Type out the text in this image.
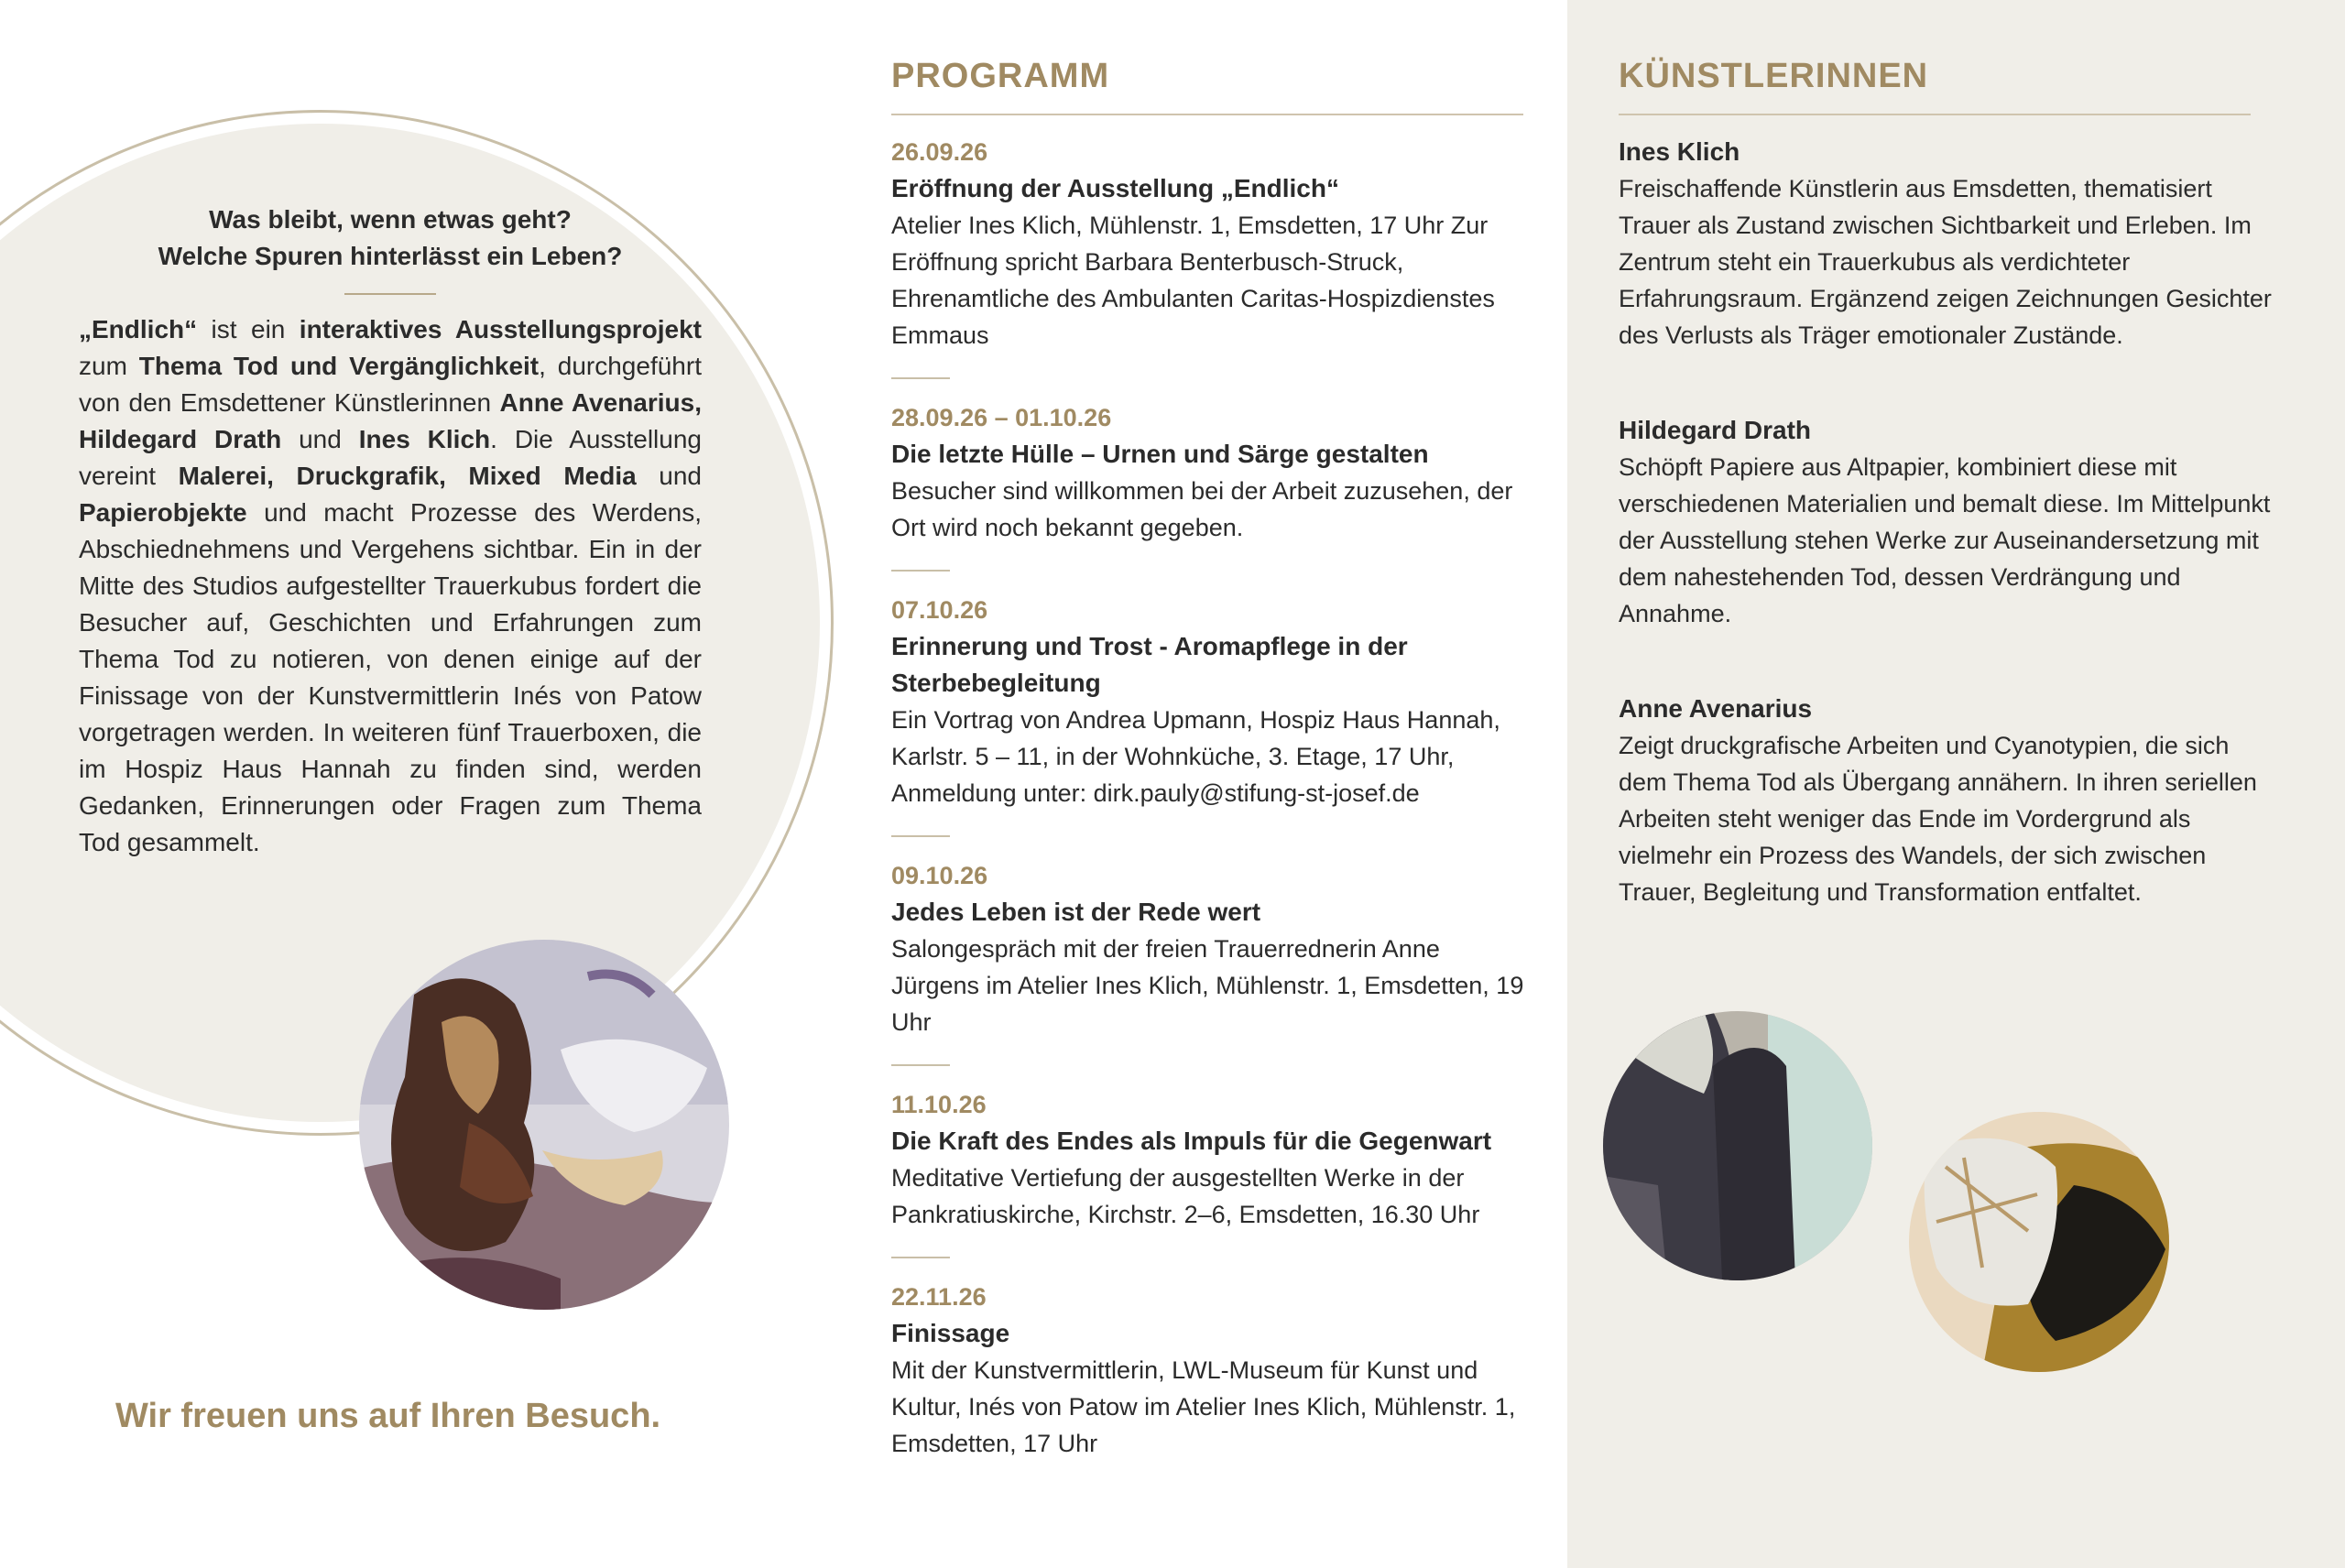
Was bleibt, wenn etwas geht?
Welche Spuren hinterlässt ein Leben?

„Endlich“ ist ein interaktives Ausstellungsprojekt zum Thema Tod und Vergänglichkeit, durchgeführt von den Emsdettener Künstlerinnen Anne Avenarius, Hildegard Drath und Ines Klich. Die Ausstellung vereint Malerei, Druckgrafik, Mixed Media und Papierobjekte und macht Prozesse des Werdens, Abschiednehmens und Vergehens sichtbar. Ein in der Mitte des Studios aufgestellter Trauerkubus fordert die Besucher auf, Geschichten und Erfahrungen zum Thema Tod zu notieren, von denen einige auf der Finissage von der Kunstvermittlerin Inés von Patow vorgetragen werden. In weiteren fünf Trauerboxen, die im Hospiz Haus Hannah zu finden sind, werden Gedanken, Erinnerungen oder Fragen zum Thema Tod gesammelt.

Wir freuen uns auf Ihren Besuch.
PROGRAMM
26.09.26
Eröffnung der Ausstellung „Endlich“
Atelier Ines Klich, Mühlenstr. 1, Emsdetten, 17 Uhr Zur Eröffnung spricht Barbara Benterbusch-Struck, Ehrenamtliche des Ambulanten Caritas-Hospizdienstes Emmaus
28.09.26 – 01.10.26
Die letzte Hülle – Urnen und Särge gestalten
Besucher sind willkommen bei der Arbeit zuzusehen, der Ort wird noch bekannt gegeben.
07.10.26
Erinnerung und Trost - Aromapflege in der Sterbebegleitung
Ein Vortrag von Andrea Upmann, Hospiz Haus Hannah, Karlstr. 5 – 11, in der Wohnküche, 3. Etage, 17 Uhr, Anmeldung unter: dirk.pauly@stifung-st-josef.de
09.10.26
Jedes Leben ist der Rede wert
Salongespräch mit der freien Trauerrednerin Anne Jürgens im Atelier Ines Klich, Mühlenstr. 1, Emsdetten, 19 Uhr
11.10.26
Die Kraft des Endes als Impuls für die Gegenwart
Meditative Vertiefung der ausgestellten Werke in der Pankratiuskirche, Kirchstr. 2–6, Emsdetten, 16.30 Uhr
22.11.26
Finissage
Mit der Kunstvermittlerin, LWL-Museum für Kunst und Kultur, Inés von Patow im Atelier Ines Klich, Mühlenstr. 1, Emsdetten, 17 Uhr
KÜNSTLERINNEN
Ines Klich
Freischaffende Künstlerin aus Emsdetten, thematisiert Trauer als Zustand zwischen Sichtbarkeit und Erleben. Im Zentrum steht ein Trauerkubus als verdichteter Erfahrungsraum. Ergänzend zeigen Zeichnungen Gesichter des Verlusts als Träger emotionaler Zustände.
Hildegard Drath
Schöpft Papiere aus Altpapier, kombiniert diese mit verschiedenen Materialien und bemalt diese. Im Mittelpunkt der Ausstellung stehen Werke zur Auseinandersetzung mit dem nahestehenden Tod, dessen Verdrängung und Annahme.
Anne Avenarius
Zeigt druckgrafische Arbeiten und Cyanotypien, die sich dem Thema Tod als Übergang annähern. In ihren seriellen Arbeiten steht weniger das Ende im Vordergrund als vielmehr ein Prozess des Wandels, der sich zwischen Trauer, Begleitung und Transformation entfaltet.
